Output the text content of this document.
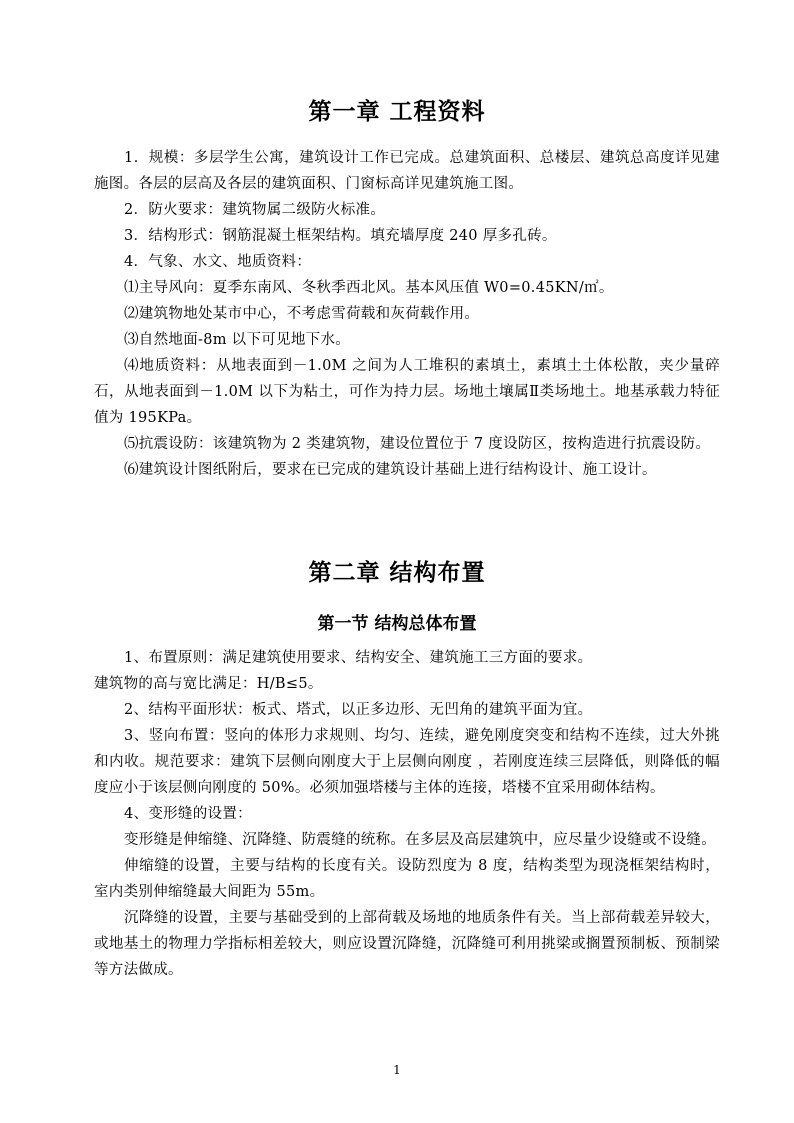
第一章 工程资料

1．规模：多层学生公寓，建筑设计工作已完成。总建筑面积、总楼层、建筑总高度详见建施图。各层的层高及各层的建筑面积、门窗标高详见建筑施工图。

2．防火要求：建筑物属二级防火标准。

3．结构形式：钢筋混凝土框架结构。填充墙厚度 240 厚多孔砖。

4．气象、水文、地质资料：

⑴主导风向：夏季东南风、冬秋季西北风。基本风压值 W0=0.45KN/㎡。

⑵建筑物地处某市中心，不考虑雪荷载和灰荷载作用。

⑶自然地面-8m 以下可见地下水。

⑷地质资料：从地表面到－1.0M 之间为人工堆积的素填土，素填土土体松散，夹少量碎石，从地表面到－1.0M 以下为粘土，可作为持力层。场地土壤属Ⅱ类场地土。地基承载力特征值为 195KPa。

⑸抗震设防：该建筑物为 2 类建筑物，建设位置位于 7 度设防区，按构造进行抗震设防。

⑹建筑设计图纸附后，要求在已完成的建筑设计基础上进行结构设计、施工设计。

第二章 结构布置
第一节 结构总体布置

1、布置原则：满足建筑使用要求、结构安全、建筑施工三方面的要求。

建筑物的高与宽比满足：H/B≤5。

2、结构平面形状：板式、塔式，以正多边形、无凹角的建筑平面为宜。

3、竖向布置：竖向的体形力求规则、均匀、连续，避免刚度突变和结构不连续，过大外挑和内收。规范要求：建筑下层侧向刚度大于上层侧向刚度 ，若刚度连续三层降低，则降低的幅度应小于该层侧向刚度的 50%。必须加强塔楼与主体的连接，塔楼不宜采用砌体结构。

4、变形缝的设置：

变形缝是伸缩缝、沉降缝、防震缝的统称。在多层及高层建筑中，应尽量少设缝或不设缝。

伸缩缝的设置，主要与结构的长度有关。设防烈度为 8 度，结构类型为现浇框架结构时，室内类别伸缩缝最大间距为 55m。

沉降缝的设置，主要与基础受到的上部荷载及场地的地质条件有关。当上部荷载差异较大，或地基土的物理力学指标相差较大，则应设置沉降缝，沉降缝可利用挑梁或搁置预制板、预制梁等方法做成。

1
